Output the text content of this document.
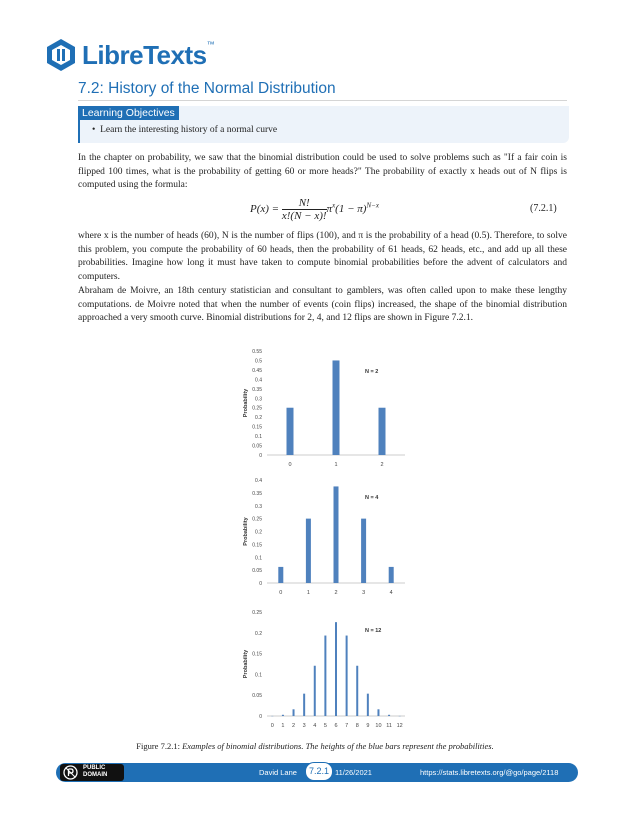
LibreTexts™
7.2: History of the Normal Distribution
Learning Objectives
•  Learn the interesting history of a normal curve

In the chapter on probability, we saw that the binomial distribution could be used to solve problems such as "If a fair coin is flipped 100 times, what is the probability of getting 60 or more heads?" The probability of exactly x heads out of N flips is computed using the formula:

$P(x) = \frac{N!}{x!(N - x)!} \pi^x(1 - \pi)^{N-x}$	(7.2.1)

where x is the number of heads (60), N is the number of flips (100), and π is the probability of a head (0.5). Therefore, to solve this problem, you compute the probability of 60 heads, then the probability of 61 heads, 62 heads, etc., and add up all these probabilities. Imagine how long it must have taken to compute binomial probabilities before the advent of calculators and computers.

Abraham de Moivre, an 18th century statistician and consultant to gamblers, was often called upon to make these lengthy computations. de Moivre noted that when the number of events (coin flips) increased, the shape of the binomial distribution approached a very smooth curve. Binomial distributions for 2, 4, and 12 flips are shown in Figure 7.2.1.

0
0.05
0.1
0.15
0.2
0.25
0.3
0.35
0.4
0.45
0.5
0.55
0	1	2
N = 2
Probability
0
0.05
0.1
0.15
0.2
0.25
0.3
0.35
0.4
0	1	2	3	4
N = 4
Probability
0
0.05
0.1
0.15
0.2
0.25
0 1 2 3 4 5 6 7 8 9 10 11 12
N = 12
Probability
Figure 7.2.1: Examples of binomial distributions. The heights of the blue bars represent the probabilities.
PUBLIC
DOMAIN	David Lane	7.2.1 11/26/2021	https://stats.libretexts.org/@go/page/2118
